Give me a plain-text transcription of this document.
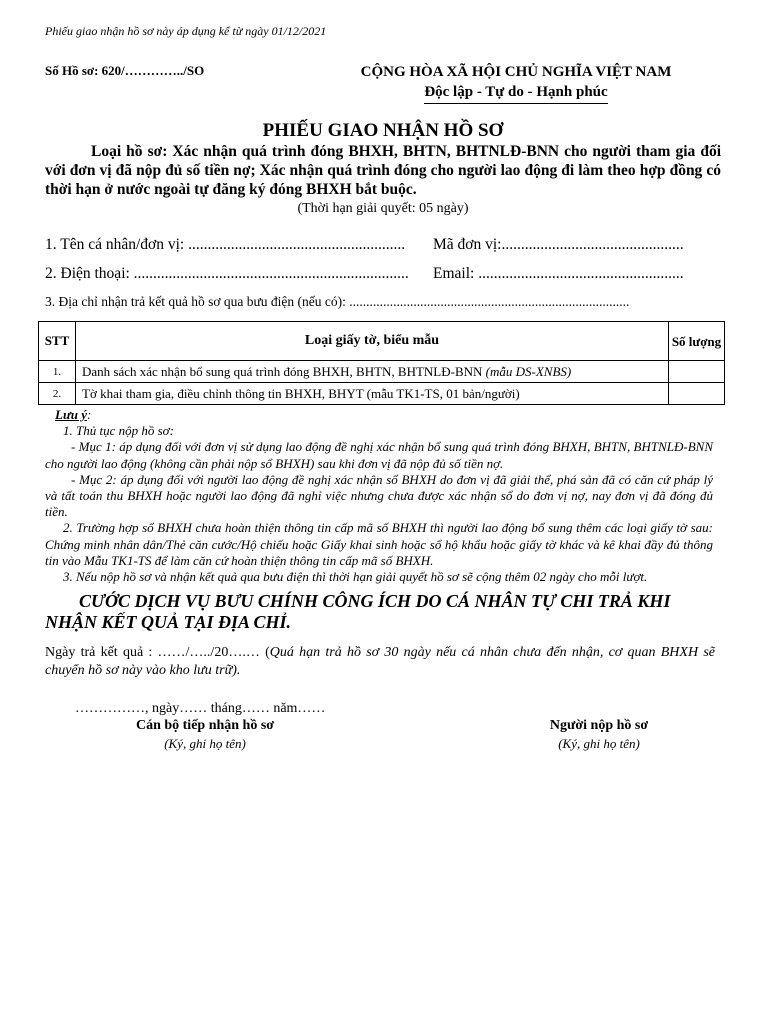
Phiếu giao nhận hồ sơ này áp dụng kể từ ngày 01/12/2021
Số Hồ sơ: 620/…………../SO	CỘNG HÒA XÃ HỘI CHỦ NGHĨA VIỆT NAM
Độc lập - Tự do - Hạnh phúc
PHIẾU GIAO NHẬN HỒ SƠ
Loại hồ sơ: Xác nhận quá trình đóng BHXH, BHTN, BHTNLĐ-BNN cho người tham gia đối với đơn vị đã nộp đủ số tiền nợ; Xác nhận quá trình đóng cho người lao động đi làm theo hợp đồng có thời hạn ở nước ngoài tự đăng ký đóng BHXH bắt buộc.
(Thời hạn giải quyết: 05 ngày)
1. Tên cá nhân/đơn vị: ........................................................ Mã đơn vị:...............................................
2. Điện thoại: ....................................................................... Email: .....................................................
3. Địa chỉ nhận trả kết quả hồ sơ qua bưu điện (nếu có): ...................................................................................
STT	Loại giấy tờ, biểu mẫu	Số lượng
1.	Danh sách xác nhận bổ sung quá trình đóng BHXH, BHTN, BHTNLĐ-BNN (mẫu DS-XNBS)	
2.	Tờ khai tham gia, điều chỉnh thông tin BHXH, BHYT (mẫu TK1-TS, 01 bản/người)	

Lưu ý:

1. Thủ tục nộp hồ sơ:

- Mục 1: áp dụng đối với đơn vị sử dụng lao động đề nghị xác nhận bổ sung quá trình đóng BHXH, BHTN, BHTNLĐ-BNN cho người lao động (không cần phải nộp sổ BHXH) sau khi đơn vị đã nộp đủ số tiền nợ.

- Mục 2: áp dụng đối với người lao động đề nghị xác nhận sổ BHXH do đơn vị đã giải thể, phá sản đã có căn cứ pháp lý và tất toán thu BHXH hoặc người lao động đã nghỉ việc nhưng chưa được xác nhận sổ do đơn vị nợ, nay đơn vị đã đóng đủ tiền.

2. Trường hợp sổ BHXH chưa hoàn thiện thông tin cấp mã số BHXH thì người lao động bổ sung thêm các loại giấy tờ sau: Chứng minh nhân dân/Thẻ căn cước/Hộ chiếu hoặc Giấy khai sinh hoặc sổ hộ khẩu hoặc giấy tờ khác và kê khai đầy đủ thông tin vào Mẫu TK1-TS để làm căn cứ hoàn thiện thông tin cấp mã số BHXH.

3. Nếu nộp hồ sơ và nhận kết quả qua bưu điện thì thời hạn giải quyết hồ sơ sẽ cộng thêm 02 ngày cho mỗi lượt.

CƯỚC DỊCH VỤ BƯU CHÍNH CÔNG ÍCH DO CÁ NHÂN TỰ CHI TRẢ KHI NHẬN KẾT QUẢ TẠI ĐỊA CHỈ.
Ngày trả kết quả : ……/…../20….… (Quá hạn trả hồ sơ 30 ngày nếu cá nhân chưa đến nhận, cơ quan BHXH sẽ chuyển hồ sơ này vào kho lưu trữ).
……………, ngày…… tháng…… năm……
Cán bộ tiếp nhận hồ sơ
(Ký, ghi họ tên)
Người nộp hồ sơ
(Ký, ghi họ tên)
